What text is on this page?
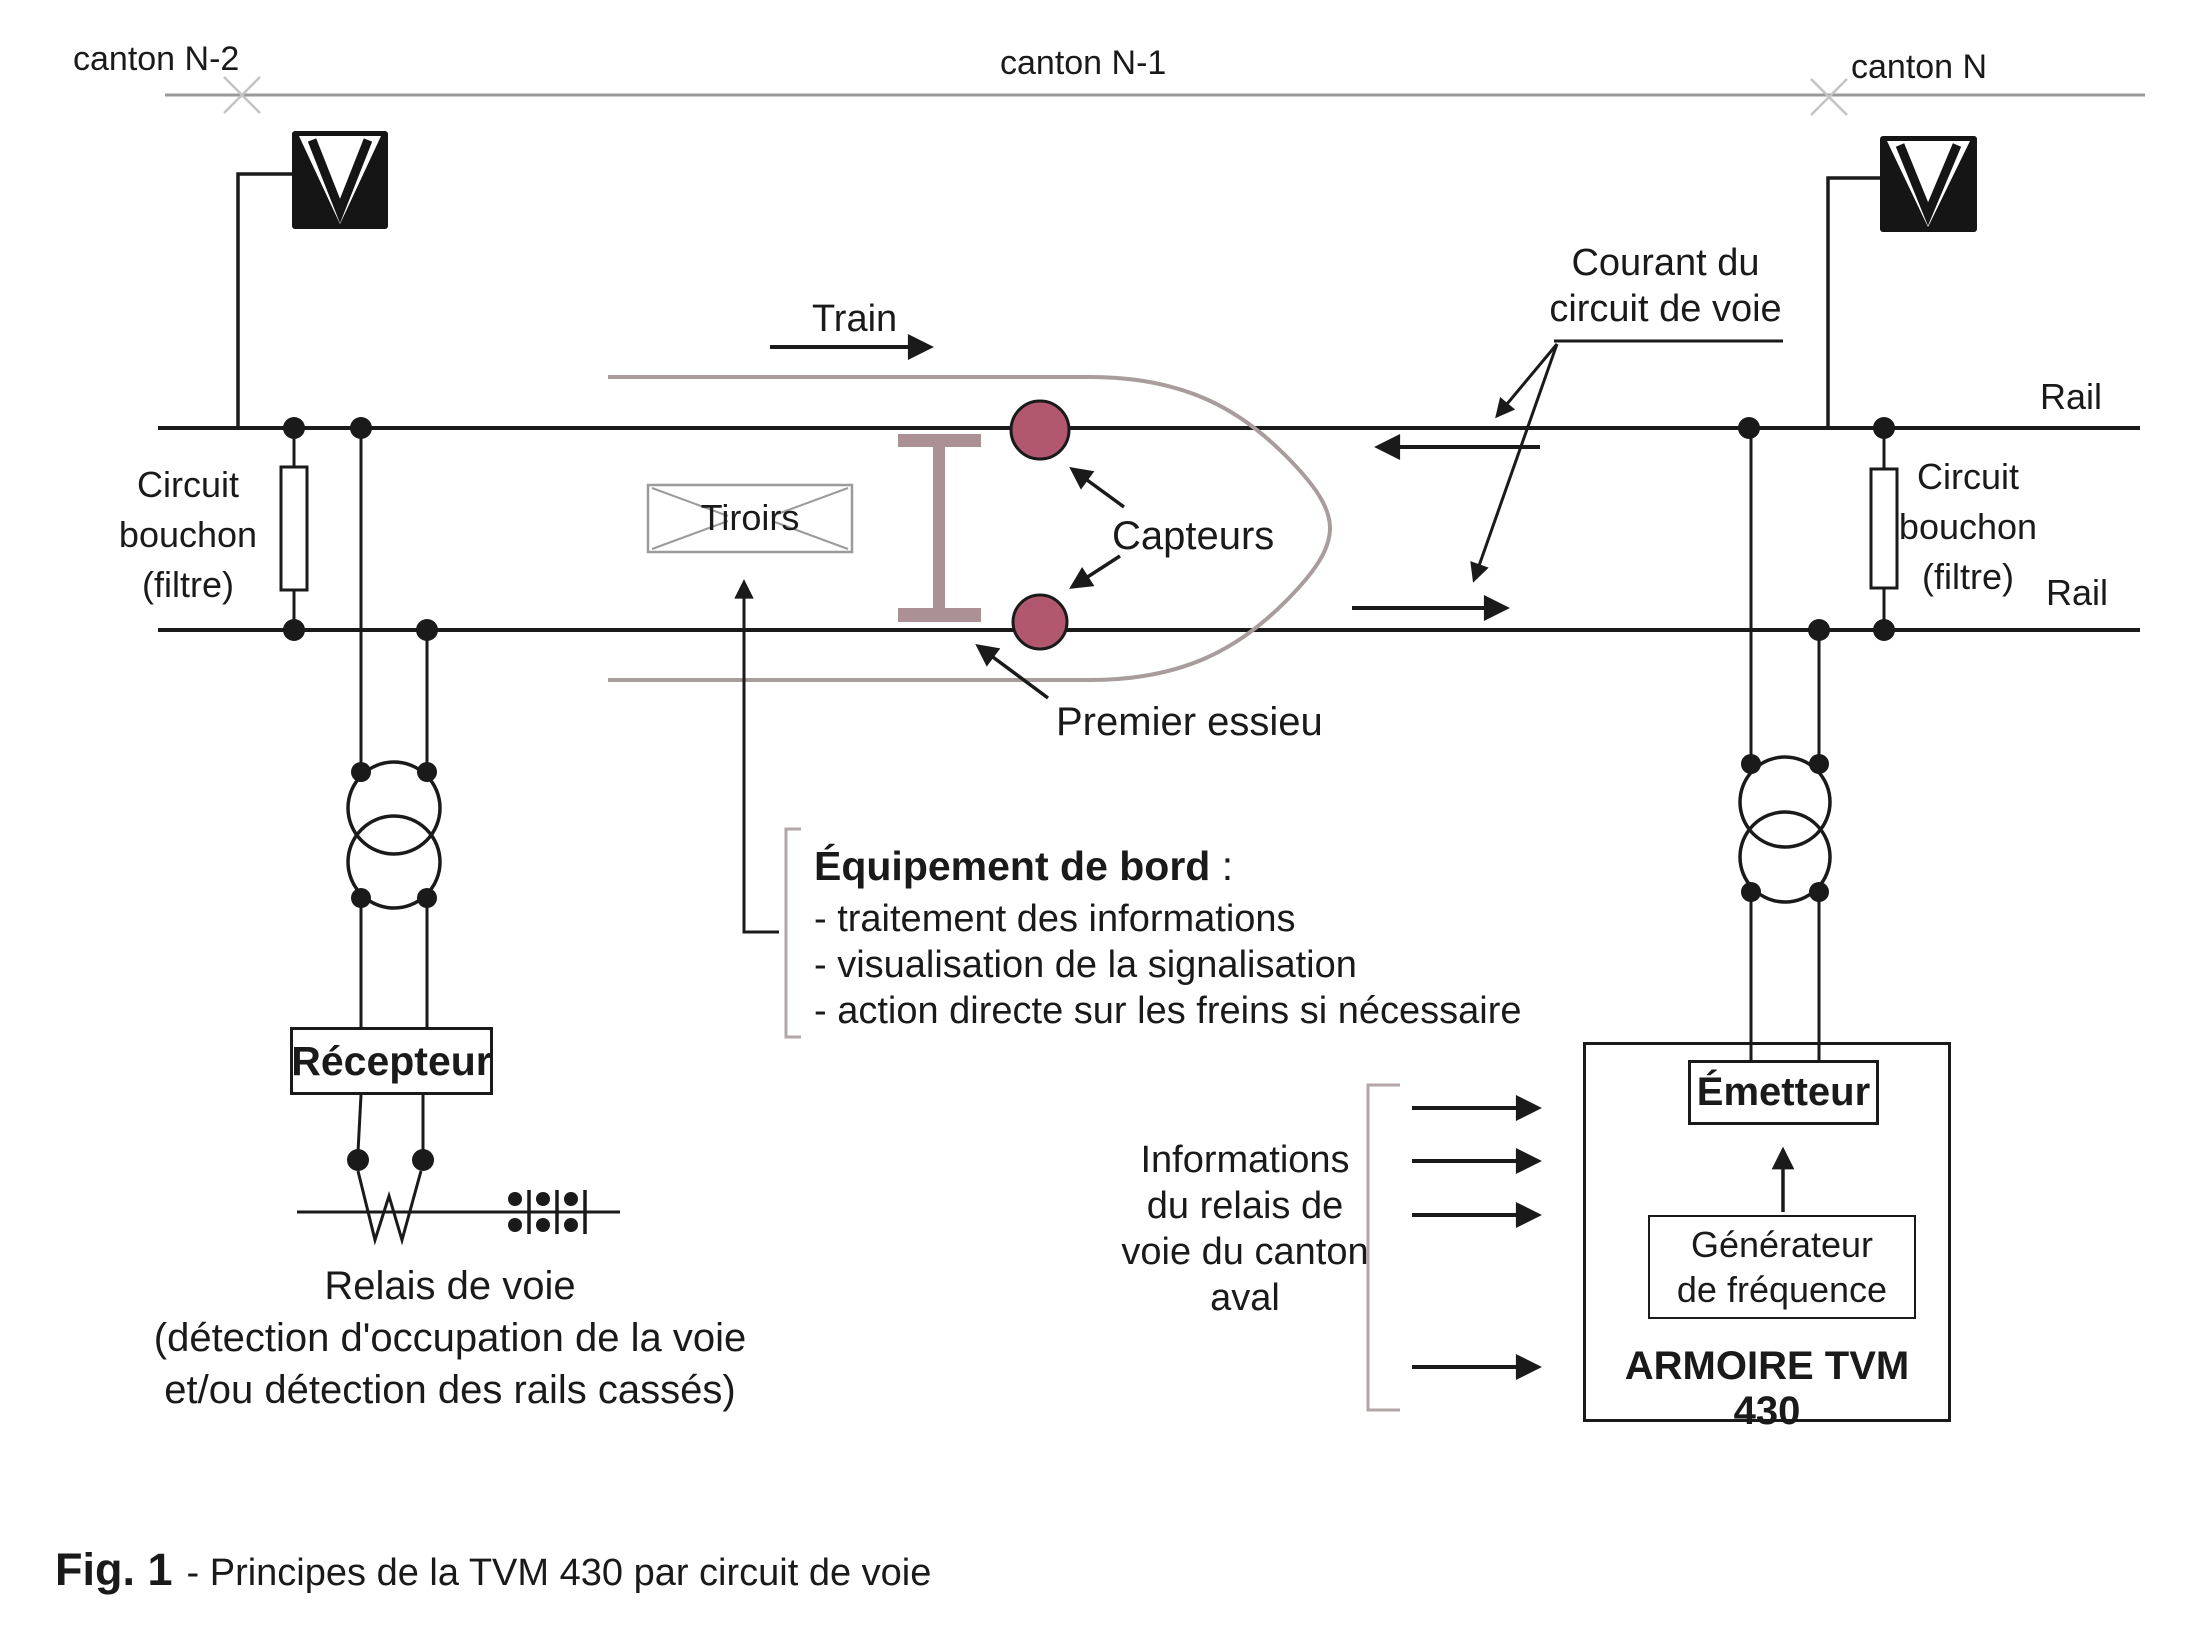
canton N-2	canton N-1	canton N
Rail
Rail
Circuit
bouchon
(filtre)
Circuit
bouchon
(filtre)
Train
Tiroirs	Capteurs
Premier essieu
Courant du
circuit de voie
Équipement de bord :
- traitement des informations
- visualisation de la signalisation
- action directe sur les freins si nécessaire
Récepteur
Relais de voie
(détection d'occupation de la voie
et/ou détection des rails cassés)
Informations
du relais de
voie du canton
aval
Émetteur
Générateur
de fréquence
ARMOIRE TVM
430
Fig. 1 - Principes de la TVM 430 par circuit de voie
